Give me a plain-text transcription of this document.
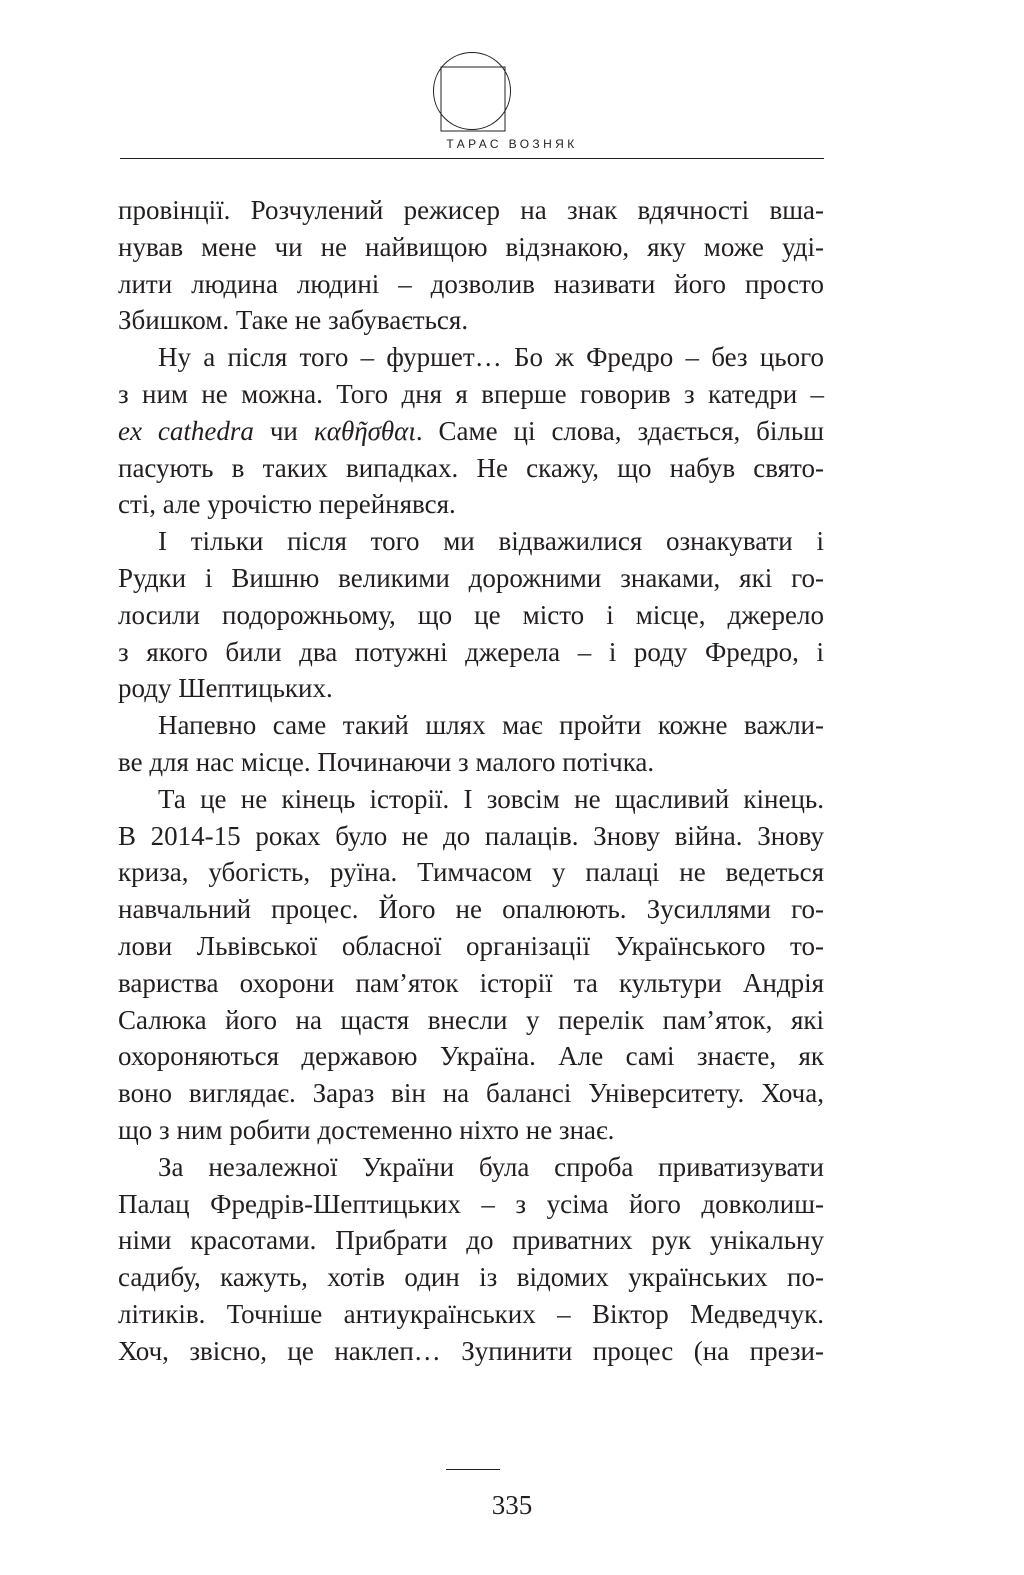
ТАРАС ВОЗНЯК
провінції. Розчулений режисер на знак вдячності вша-
нував мене чи не найвищою відзнакою, яку може уді-
лити людина людині – дозволив називати його просто
Збишком. Таке не забувається.
Ну а після того – фуршет… Бо ж Фредро – без цього
з ним не можна. Того дня я вперше говорив з катедри –
ex cathedra чи καθῆσθαι. Саме ці слова, здається, більш
пасують в таких випадках. Не скажу, що набув свято-
сті, але урочістю перейнявся.
І тільки після того ми відважилися ознакувати і
Рудки і Вишню великими дорожними знаками, які го-
лосили подорожньому, що це місто і місце, джерело
з якого били два потужні джерела – і роду Фредро, і
роду Шептицьких.
Напевно саме такий шлях має пройти кожне важли-
ве для нас місце. Починаючи з малого потічка.
Та це не кінець історії. І зовсім не щасливий кінець.
В 2014-15 роках було не до палаців. Знову війна. Знову
криза, убогість, руїна. Тимчасом у палаці не ведеться
навчальний процес. Його не опалюють. Зусиллями го-
лови Львівської обласної організації Українського то-
вариства охорони пам’яток історії та культури Андрія
Салюка його на щастя внесли у перелік пам’яток, які
охороняються державою Україна. Але самі знаєте, як
воно виглядає. Зараз він на балансі Університету. Хоча,
що з ним робити достеменно ніхто не знає.
За незалежної України була спроба приватизувати
Палац Фредрів-Шептицьких – з усіма його довколиш-
німи красотами. Прибрати до приватних рук унікальну
садибу, кажуть, хотів один із відомих українських по-
літиків. Точніше антиукраїнських – Віктор Медведчук.
Хоч, звісно, це наклеп… Зупинити процес (на прези-
335
